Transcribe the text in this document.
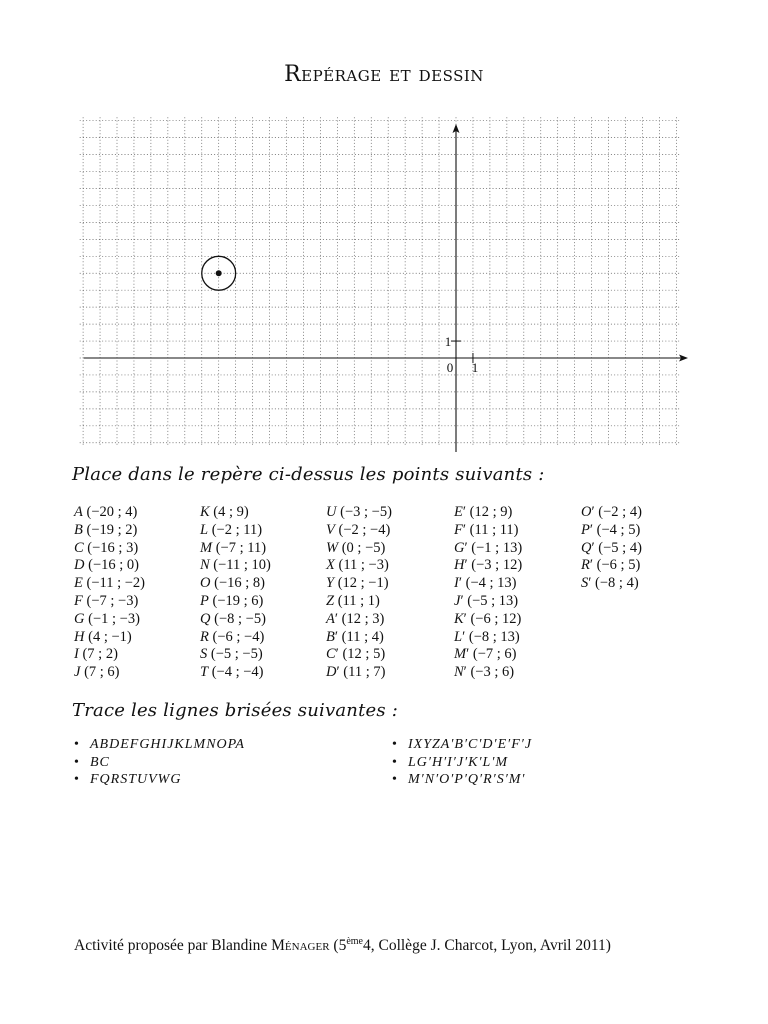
Repérage et dessin
0 1
1
Place dans le repère ci-dessus les points suivants :
A (−20 ; 4)
B (−19 ; 2)
C (−16 ; 3)
D (−16 ; 0)
E (−11 ; −2)
F (−7 ; −3)
G (−1 ; −3)
H (4 ; −1)
I (7 ; 2)
J (7 ; 6)
K (4 ; 9)
L (−2 ; 11)
M (−7 ; 11)
N (−11 ; 10)
O (−16 ; 8)
P (−19 ; 6)
Q (−8 ; −5)
R (−6 ; −4)
S (−5 ; −5)
T (−4 ; −4)
U (−3 ; −5)
V (−2 ; −4)
W (0 ; −5)
X (11 ; −3)
Y (12 ; −1)
Z (11 ; 1)
A′ (12 ; 3)
B′ (11 ; 4)
C′ (12 ; 5)
D′ (11 ; 7)
E′ (12 ; 9)
F′ (11 ; 11)
G′ (−1 ; 13)
H′ (−3 ; 12)
I′ (−4 ; 13)
J′ (−5 ; 13)
K′ (−6 ; 12)
L′ (−8 ; 13)
M′ (−7 ; 6)
N′ (−3 ; 6)
O′ (−2 ; 4)
P′ (−4 ; 5)
Q′ (−5 ; 4)
R′ (−6 ; 5)
S′ (−8 ; 4)
Trace les lignes brisées suivantes :
• ABDEFGHIJKLMNOPA
• BC
• FQRSTUVWG
• IXYZA′B′C′D′E′F′J
• LG′H′I′J′K′L′M
• M′N′O′P′Q′R′S′M′
Activité proposée par Blandine Ménager (5ème4, Collège J. Charcot, Lyon, Avril 2011)
